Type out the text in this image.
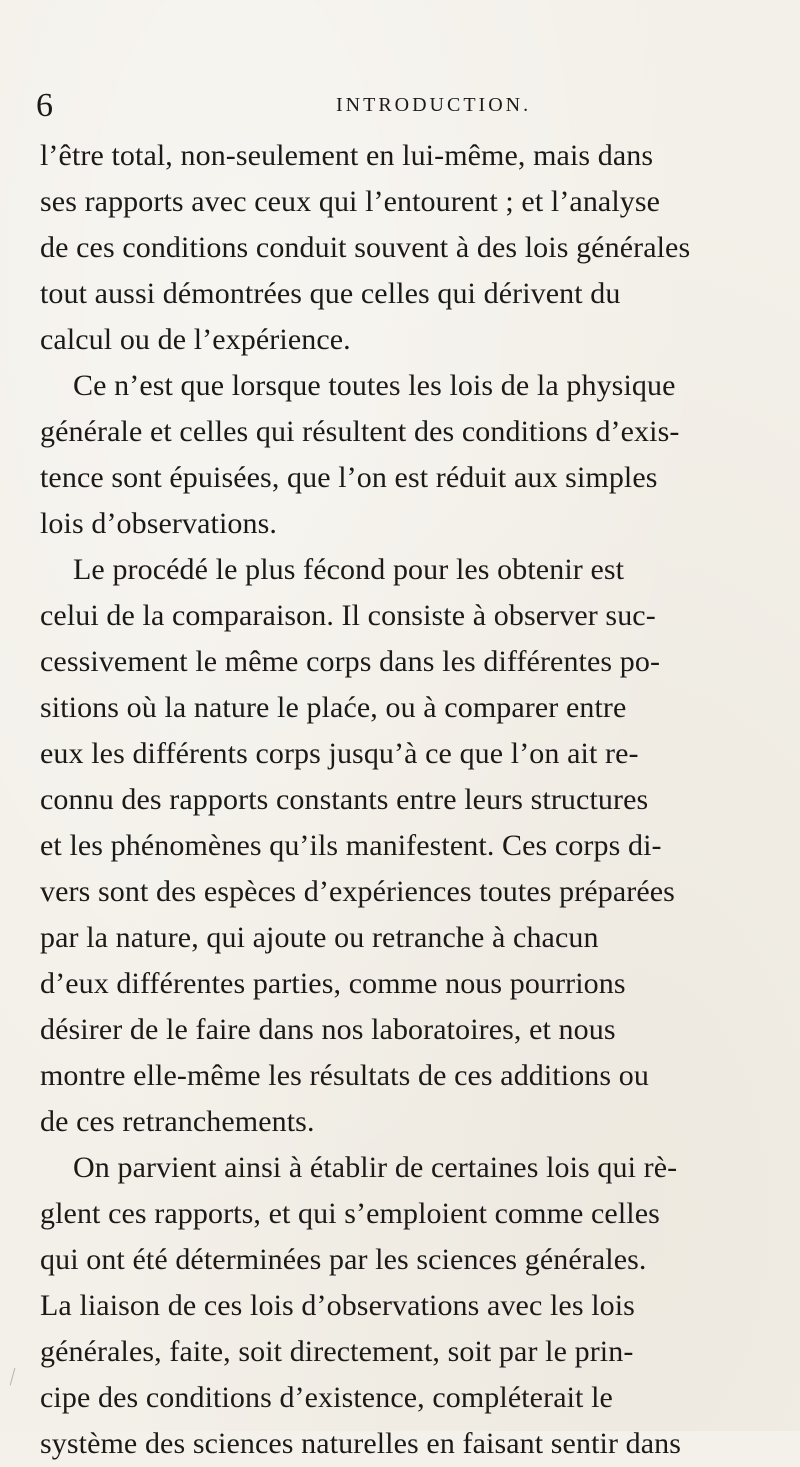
6	INTRODUCTION.
l’être total, non-seulement en lui-même, mais dans
ses rapports avec ceux qui l’entourent ; et l’analyse
de ces conditions conduit souvent à des lois générales
tout aussi démontrées que celles qui dérivent du
calcul ou de l’expérience.
Ce n’est que lorsque toutes les lois de la physique
générale et celles qui résultent des conditions d’exis-
tence sont épuisées, que l’on est réduit aux simples
lois d’observations.
Le procédé le plus fécond pour les obtenir est
celui de la comparaison. Il consiste à observer suc-
cessivement le même corps dans les différentes po-
sitions où la nature le plaće, ou à comparer entre
eux les différents corps jusqu’à ce que l’on ait re-
connu des rapports constants entre leurs structures
et les phénomènes qu’ils manifestent. Ces corps di-
vers sont des espèces d’expériences toutes préparées
par la nature, qui ajoute ou retranche à chacun
d’eux différentes parties, comme nous pourrions
désirer de le faire dans nos laboratoires, et nous
montre elle-même les résultats de ces additions ou
de ces retranchements.
On parvient ainsi à établir de certaines lois qui rè-
glent ces rapports, et qui s’emploient comme celles
qui ont été déterminées par les sciences générales.
La liaison de ces lois d’observations avec les lois
générales, faite, soit directement, soit par le prin-
cipe des conditions d’existence, compléterait le
système des sciences naturelles en faisant sentir dans
